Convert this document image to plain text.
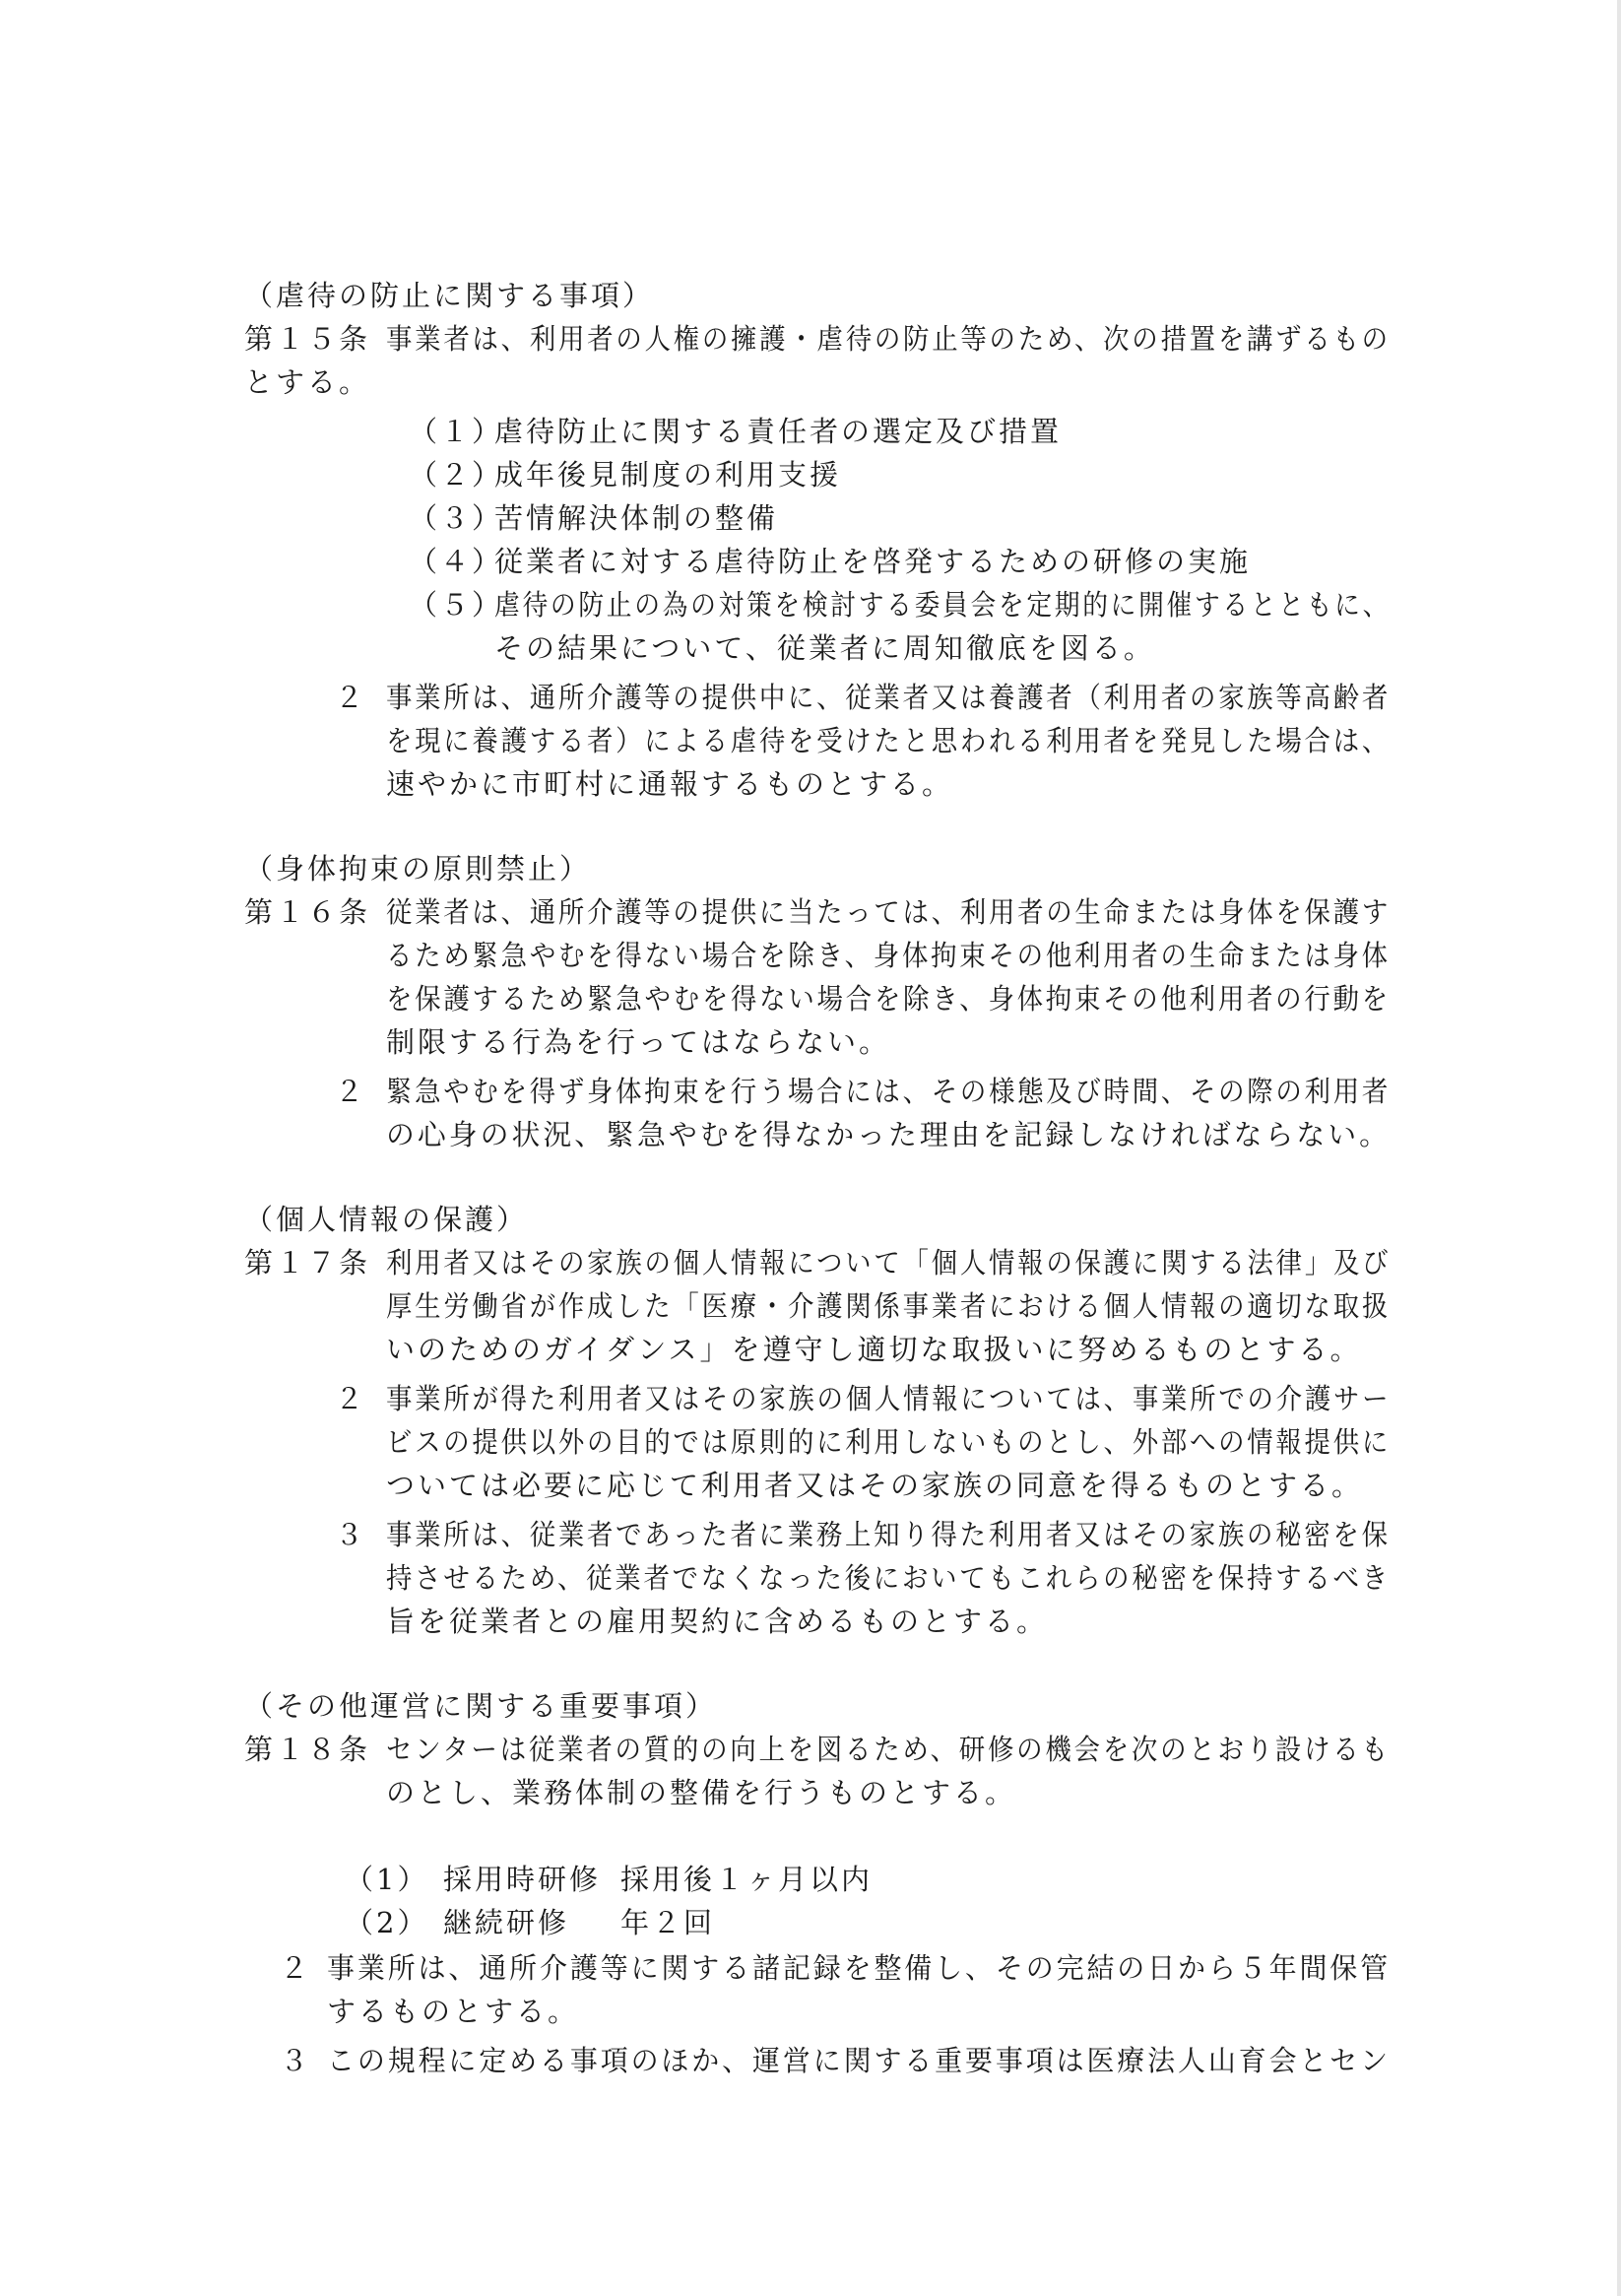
（虐待の防止に関する事項）
第１５条 事業者は、利用者の人権の擁護・虐待の防止等のため、次の措置を講ずるもの
とする。
（１）
虐待防止に関する責任者の選定及び措置
（２）
成年後見制度の利用支援
（３）
苦情解決体制の整備
（４）
従業者に対する虐待防止を啓発するための研修の実施
（５）
虐待の防止の為の対策を検討する委員会を定期的に開催するとともに、
その結果について、従業者に周知徹底を図る。
２ 事業所は、通所介護等の提供中に、従業者又は養護者（利用者の家族等高齢者
を現に養護する者）による虐待を受けたと思われる利用者を発見した場合は、
速やかに市町村に通報するものとする。
（身体拘束の原則禁止）
第１６条 従業者は、通所介護等の提供に当たっては、利用者の生命または身体を保護す
るため緊急やむを得ない場合を除き、身体拘束その他利用者の生命または身体
を保護するため緊急やむを得ない場合を除き、身体拘束その他利用者の行動を
制限する行為を行ってはならない。
２ 緊急やむを得ず身体拘束を行う場合には、その様態及び時間、その際の利用者
の心身の状況、緊急やむを得なかった理由を記録しなければならない。
（個人情報の保護）
第１７条 利用者又はその家族の個人情報について「個人情報の保護に関する法律」及び
厚生労働省が作成した「医療・介護関係事業者における個人情報の適切な取扱
いのためのガイダンス」を遵守し適切な取扱いに努めるものとする。
２ 事業所が得た利用者又はその家族の個人情報については、事業所での介護サー
ビスの提供以外の目的では原則的に利用しないものとし、外部への情報提供に
ついては必要に応じて利用者又はその家族の同意を得るものとする。
３ 事業所は、従業者であった者に業務上知り得た利用者又はその家族の秘密を保
持させるため、従業者でなくなった後においてもこれらの秘密を保持するべき
旨を従業者との雇用契約に含めるものとする。
（その他運営に関する重要事項）
第１８条 センターは従業者の質的の向上を図るため、研修の機会を次のとおり設けるも
のとし、業務体制の整備を行うものとする。
（1） 採用時研修 採用後１ヶ月以内
（2） 継続研修 年２回
２ 事業所は、通所介護等に関する諸記録を整備し、その完結の日から５年間保管
するものとする。
３ この規程に定める事項のほか、運営に関する重要事項は医療法人山育会とセン
